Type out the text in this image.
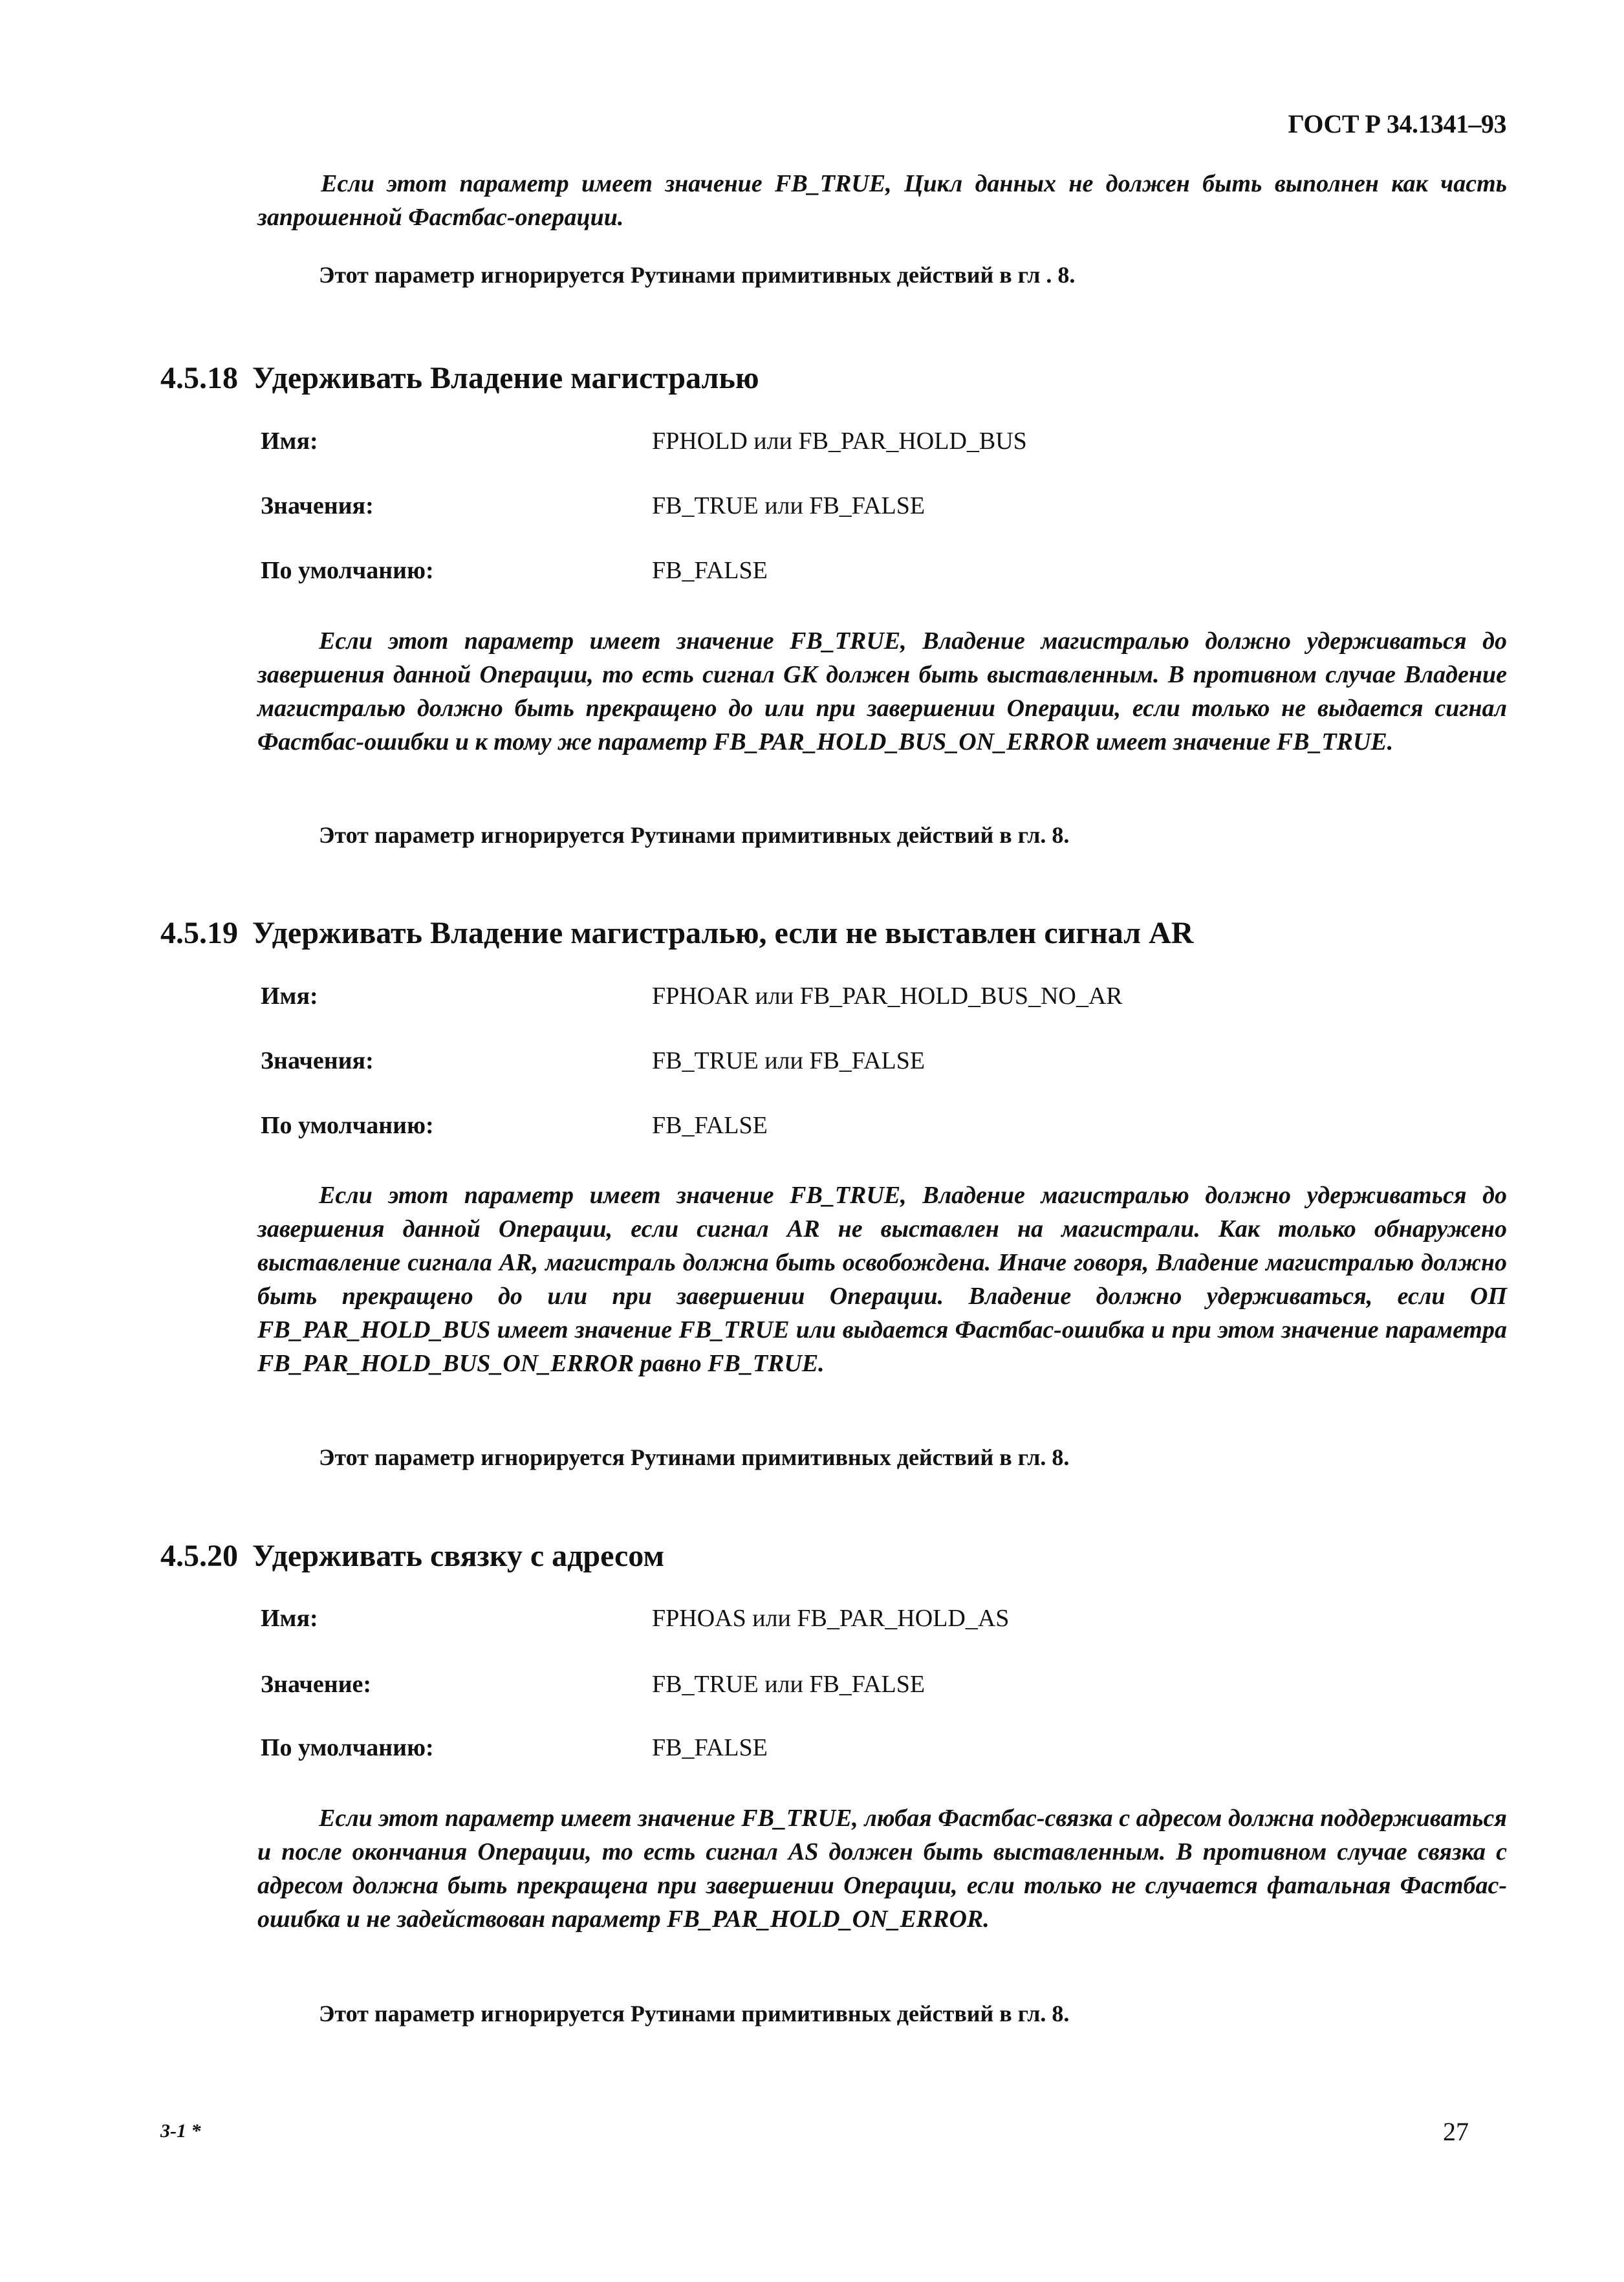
ГОСТ Р 34.1341–93
Если этот параметр имеет значение FB_TRUE, Цикл данных не должен быть выполнен как часть запрошенной Фастбас-операции.
Этот параметр игнорируется Рутинами примитивных действий в гл . 8.
4.5.18 Удерживать Владение магистралью
Имя:	FPHOLD или FB_PAR_HOLD_BUS
Значения:	FB_TRUE или FB_FALSE
По умолчанию:	FB_FALSE
Если этот параметр имеет значение FB_TRUE, Владение магистралью должно удерживаться до завершения данной Операции, то есть сигнал GK должен быть выставленным. В противном случае Владение магистралью должно быть прекращено до или при завершении Операции, если только не выдается сигнал Фастбас-ошибки и к тому же параметр FB_PAR_HOLD_BUS_ON_ERROR имеет значение FB_TRUE.
Этот параметр игнорируется Рутинами примитивных действий в гл. 8.
4.5.19 Удерживать Владение магистралью, если не выставлен сигнал AR
Имя:	FPHOAR или FB_PAR_HOLD_BUS_NO_AR
Значения:	FB_TRUE или FB_FALSE
По умолчанию:	FB_FALSE
Если этот параметр имеет значение FB_TRUE, Владение магистралью должно удерживаться до завершения данной Операции, если сигнал AR не выставлен на магистрали. Как только обнаружено выставление сигнала AR, магистраль должна быть освобождена. Иначе говоря, Владение магистралью должно быть прекращено до или при завершении Операции. Владение должно удерживаться, если ОП FB_PAR_HOLD_BUS имеет значение FB_TRUE или выдается Фастбас-ошибка и при этом значение параметра FB_PAR_HOLD_BUS_ON_ERROR равно FB_TRUE.
Этот параметр игнорируется Рутинами примитивных действий в гл. 8.
4.5.20 Удерживать связку с адресом
Имя:	FPHOAS или FB_PAR_HOLD_AS
Значение:	FB_TRUE или FB_FALSE
По умолчанию:	FB_FALSE
Если этот параметр имеет значение FB_TRUE, любая Фастбас-связка с адресом должна поддерживаться и после окончания Операции, то есть сигнал AS должен быть выставленным. В противном случае связка с адресом должна быть прекращена при завершении Операции, если только не случается фатальная Фастбас-ошибка и не задействован параметр FB_PAR_HOLD_ON_ERROR.
Этот параметр игнорируется Рутинами примитивных действий в гл. 8.
3-1 *	27
